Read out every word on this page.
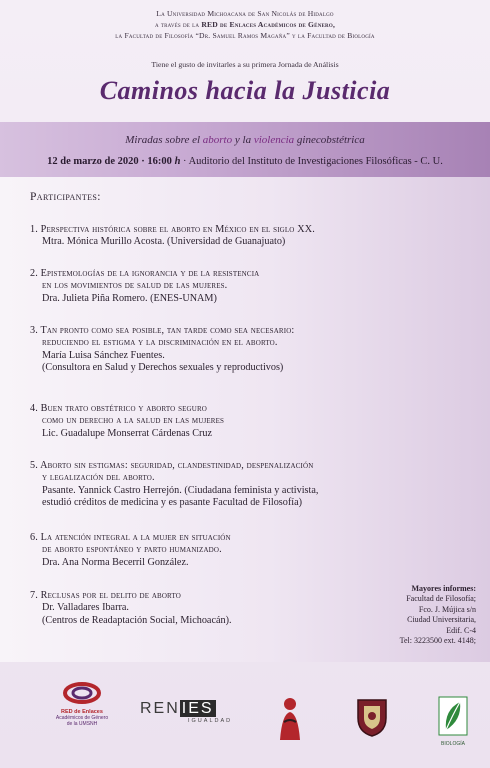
La Universidad Michoacana de San Nicolás de Hidalgo
a través de la RED de Enlaces Académicos de Género,
la Facultad de Filosofía “Dr. Samuel Ramos Magaña” y la Facultad de Biología
Tiene el gusto de invitarles a su primera Jornada de Análisis
Caminos hacia la Justicia
Miradas sobre el aborto y la violencia ginecobstétrica
12 de marzo de 2020 · 16:00 h · Auditorio del Instituto de Investigaciones Filosóficas - C. U.
Participantes:
1. Perspectiva histórica sobre el aborto en México en el siglo XX.
Mtra. Mónica Murillo Acosta. (Universidad de Guanajuato)
2. Epistemologías de la ignorancia y de la resistencia
en los movimientos de salud de las mujeres.
Dra. Julieta Piña Romero. (ENES-UNAM)
3. Tan pronto como sea posible, tan tarde como sea necesario:
reduciendo el estigma y la discriminación en el aborto.
María Luisa Sánchez Fuentes.
(Consultora en Salud y Derechos sexuales y reproductivos)
4. Buen trato obstétrico y aborto seguro
como un derecho a la salud en las mujeres
Lic. Guadalupe Monserrat Cárdenas Cruz
5. Aborto sin estigmas: seguridad, clandestinidad, despenalización
y legalización del aborto.
Pasante. Yannick Castro Herrejón. (Ciudadana feminista y activista,
estudió créditos de medicina y es pasante Facultad de Filosofía)
6. La atención integral a la mujer en situación
de aborto espontáneo y parto humanizado.
Dra. Ana Norma Becerril González.
7. Reclusas por el delito de aborto
Dr. Valladares Ibarra.
(Centros de Readaptación Social, Michoacán).
Mayores informes:
Facultad de Filosofía;
Fco. J. Mújica s/n
Ciudad Universitaria,
Edif. C-4
Tel: 3223500 ext. 4148;
RED de Enlaces
Académicos de Género
de la UMSNH
REN IES
IGUALDAD
BIOLOGÍA
